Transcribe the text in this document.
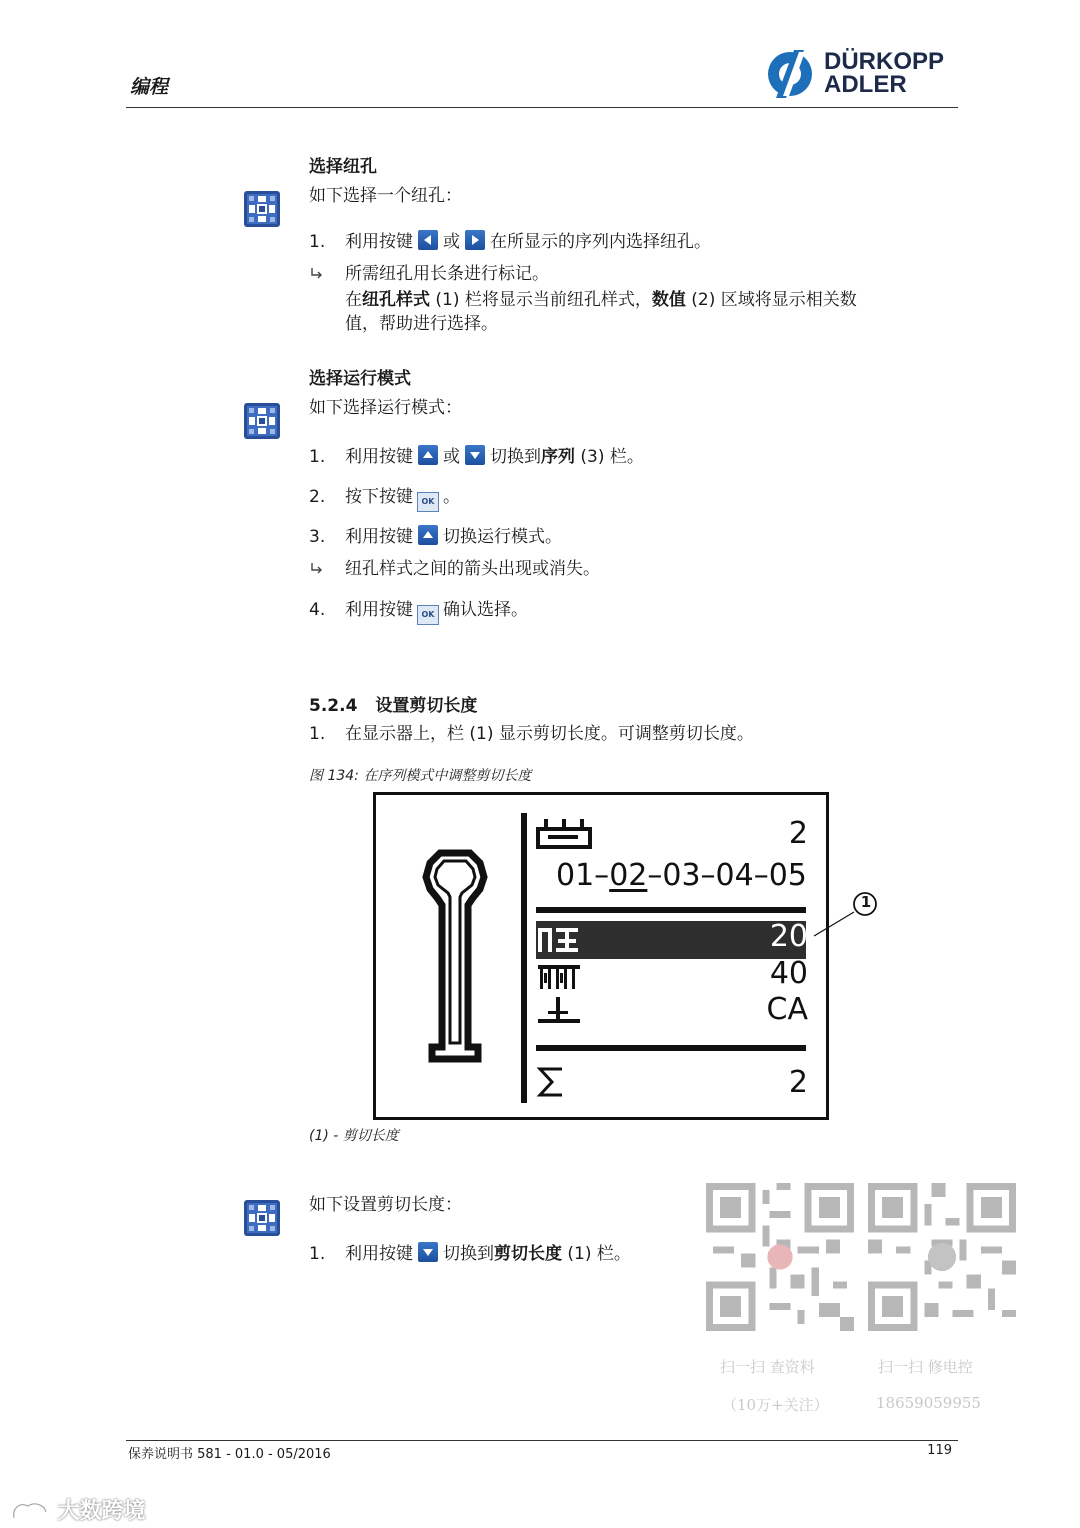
编程
DÜRKOPP
ADLER
选择纽孔
如下选择一个纽孔：
1. 利用按键 或 在所显示的序列内选择纽孔。
所需纽孔用长条进行标记。
在纽孔样式 (1) 栏将显示当前纽孔样式，数值 (2) 区域将显示相关数
值，帮助进行选择。
选择运行模式
如下选择运行模式：
1. 利用按键 或 切换到序列 (3) 栏。
2. 按下按键 OK 。
3. 利用按键 切换运行模式。
纽孔样式之间的箭头出现或消失。
4. 利用按键 OK 确认选择。
5.2.4 设置剪切长度
1. 在显示器上，栏 (1) 显示剪切长度。可调整剪切长度。
图 134: 在序列模式中调整剪切长度
2
01–02–03–04–05
20
40
CA
2
1
(1) - 剪切长度
如下设置剪切长度：
1. 利用按键 切换到剪切长度 (1) 栏。
扫一扫 查资料
（10万+关注）
扫一扫 修电控
18659059955
保养说明书 581 - 01.0 - 05/2016	119
大数跨境
